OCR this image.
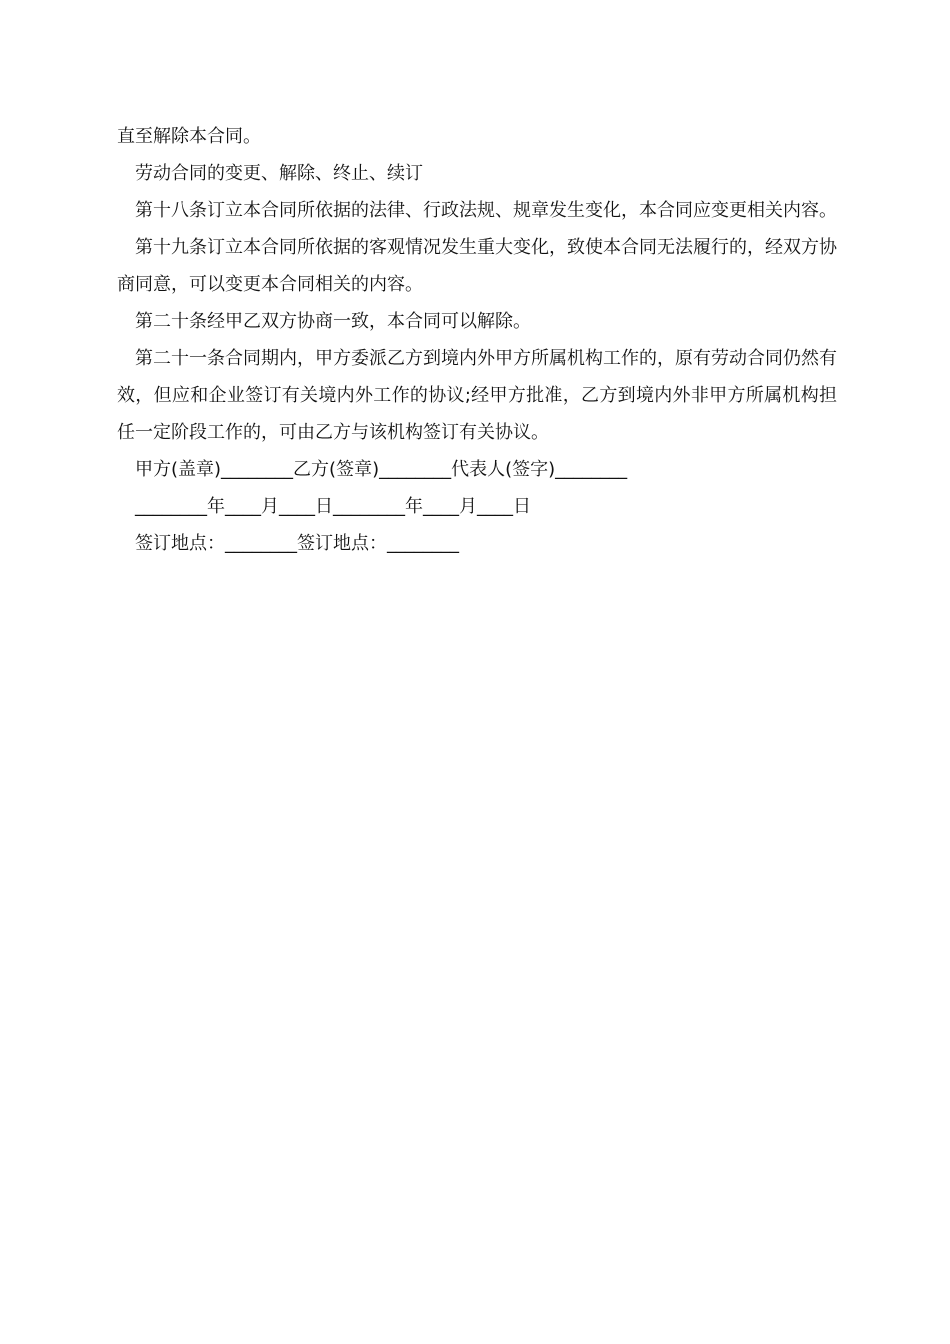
直至解除本合同。

劳动合同的变更、解除、终止、续订

第十八条订立本合同所依据的法律、行政法规、规章发生变化，本合同应变更相关内容。

第十九条订立本合同所依据的客观情况发生重大变化，致使本合同无法履行的，经双方协商同意，可以变更本合同相关的内容。

第二十条经甲乙双方协商一致，本合同可以解除。

第二十一条合同期内，甲方委派乙方到境内外甲方所属机构工作的，原有劳动合同仍然有效，但应和企业签订有关境内外工作的协议;经甲方批准，乙方到境内外非甲方所属机构担任一定阶段工作的，可由乙方与该机构签订有关协议。

甲方(盖章)________乙方(签章)________代表人(签字)________

________年____月____日________年____月____日

签订地点：________签订地点：________
